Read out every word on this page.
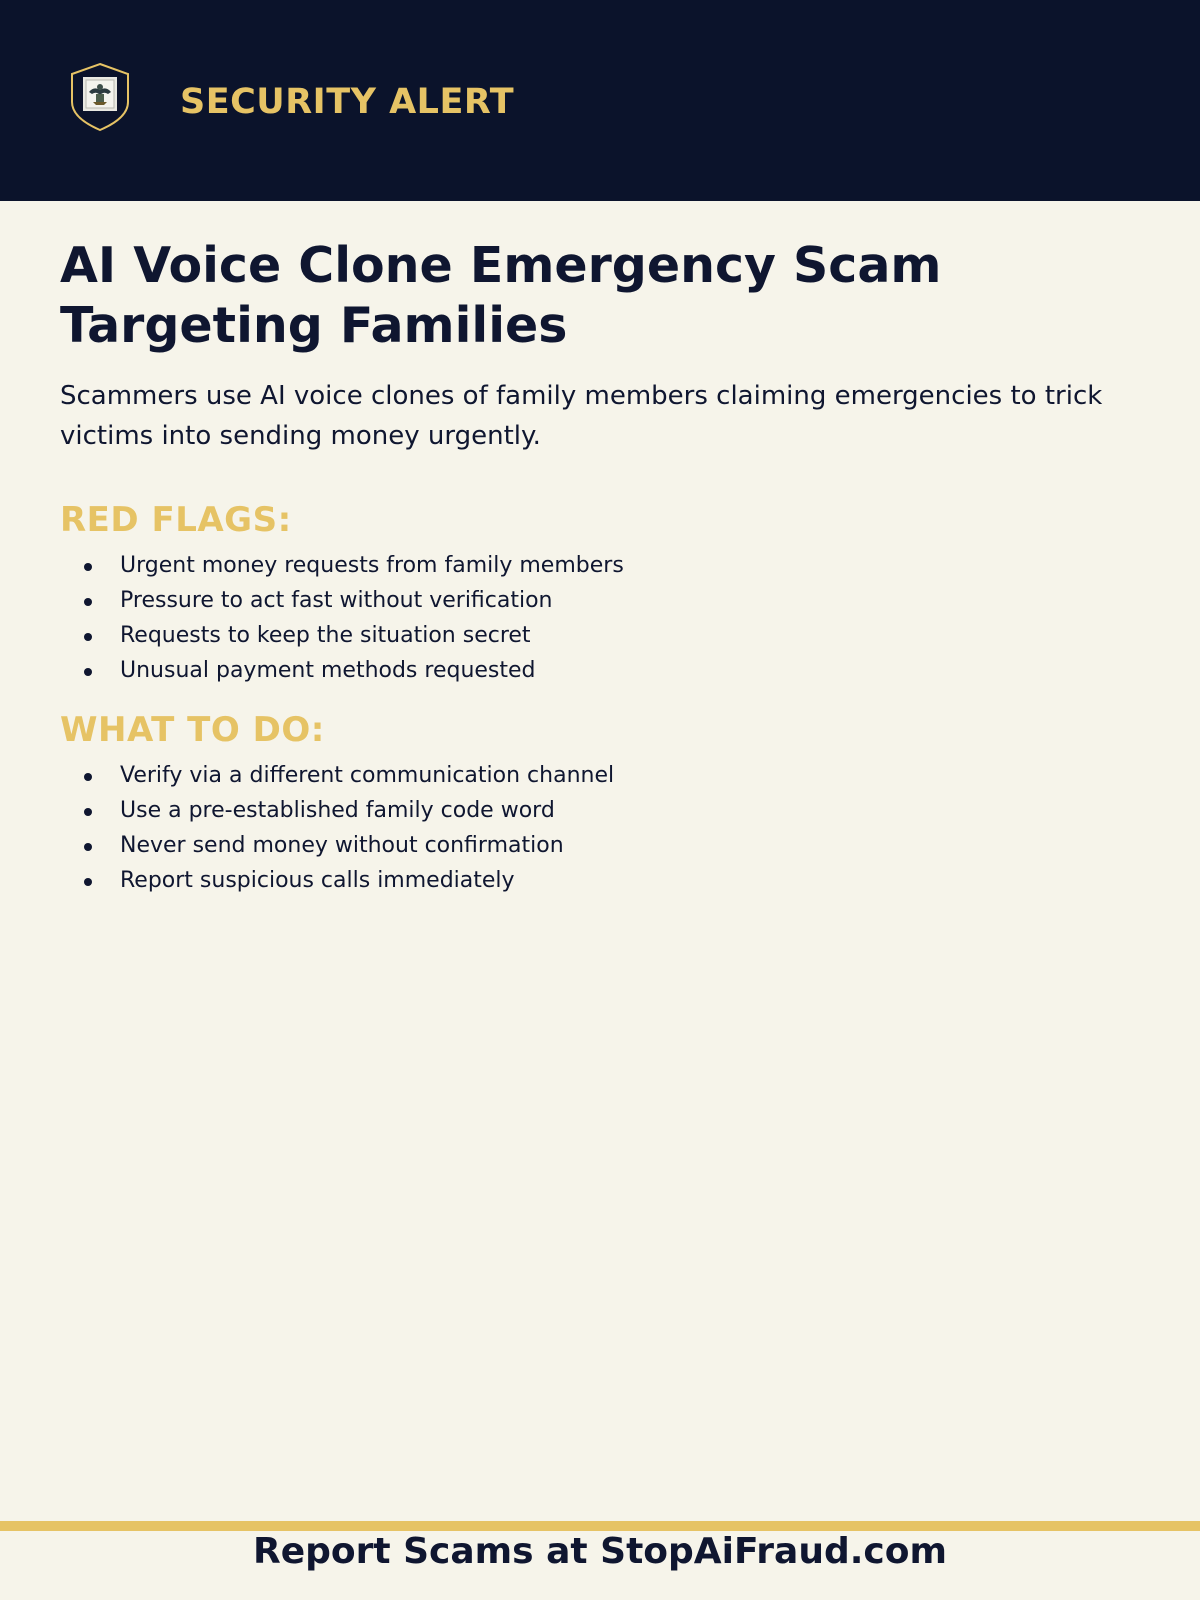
SECURITY ALERT
AI Voice Clone Emergency Scam Targeting Families

Scammers use AI voice clones of family members claiming emergencies to trick victims into sending money urgently.

RED FLAGS:
Urgent money requests from family members
Pressure to act fast without verification
Requests to keep the situation secret
Unusual payment methods requested
WHAT TO DO:
Verify via a different communication channel
Use a pre-established family code word
Never send money without confirmation
Report suspicious calls immediately

Report Scams at StopAiFraud.com
